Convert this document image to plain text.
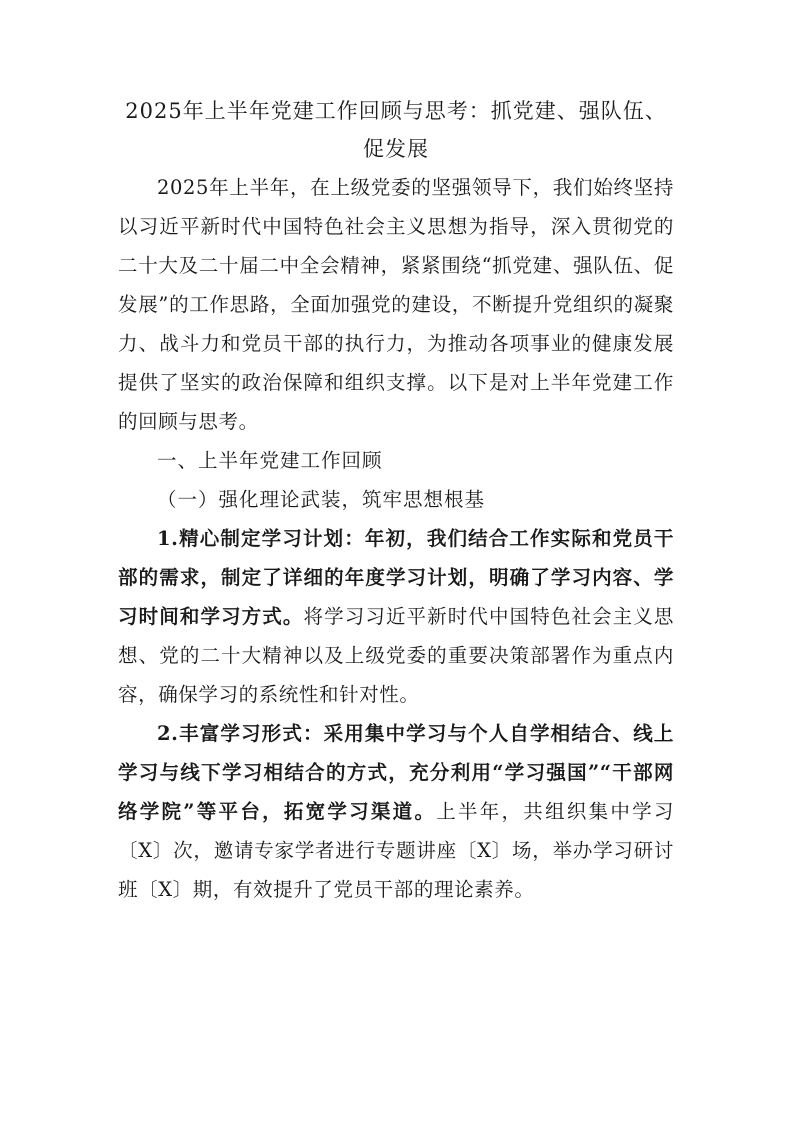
2025年上半年党建工作回顾与思考：抓党建、强队伍、促发展

2025年上半年，在上级党委的坚强领导下，我们始终坚持以习近平新时代中国特色社会主义思想为指导，深入贯彻党的二十大及二十届二中全会精神，紧紧围绕“抓党建、强队伍、促发展”的工作思路，全面加强党的建设，不断提升党组织的凝聚力、战斗力和党员干部的执行力，为推动各项事业的健康发展提供了坚实的政治保障和组织支撑。以下是对上半年党建工作的回顾与思考。

一、上半年党建工作回顾

（一）强化理论武装，筑牢思想根基

1.精心制定学习计划：年初，我们结合工作实际和党员干部的需求，制定了详细的年度学习计划，明确了学习内容、学习时间和学习方式。将学习习近平新时代中国特色社会主义思想、党的二十大精神以及上级党委的重要决策部署作为重点内容，确保学习的系统性和针对性。

2.丰富学习形式：采用集中学习与个人自学相结合、线上学习与线下学习相结合的方式，充分利用“学习强国”“干部网络学院”等平台，拓宽学习渠道。上半年，共组织集中学习〔X〕次，邀请专家学者进行专题讲座〔X〕场，举办学习研讨班〔X〕期，有效提升了党员干部的理论素养。
